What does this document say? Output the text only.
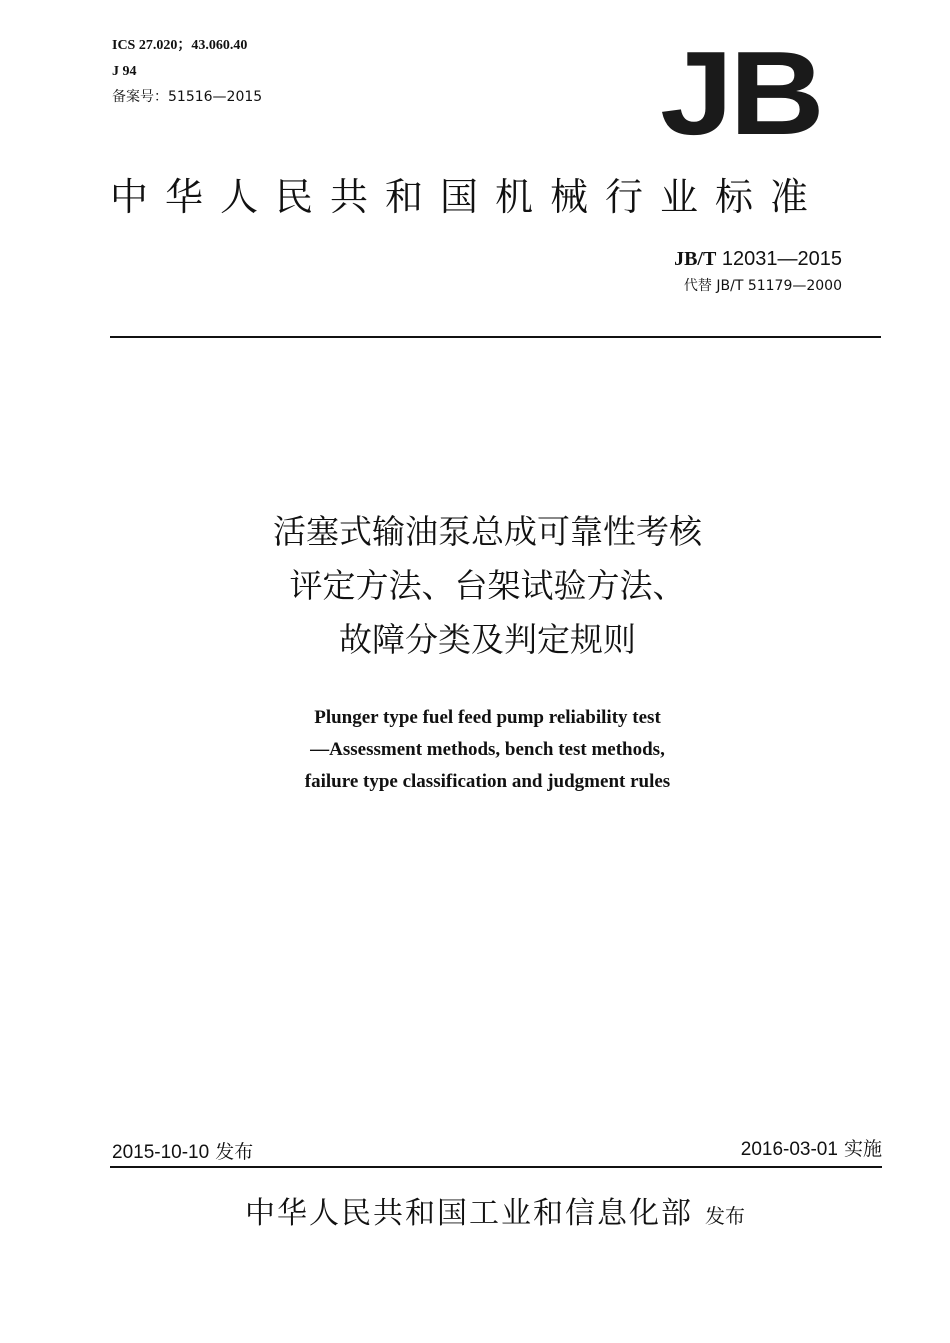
ICS 27.020；43.060.40
J 94
备案号：51516—2015	JB
中华人民共和国机械行业标准
JB/T 12031—2015
代替 JB/T 51179—2000
活塞式输油泵总成可靠性考核
评定方法、台架试验方法、
故障分类及判定规则
Plunger type fuel feed pump reliability test
—Assessment methods, bench test methods,
failure type classification and judgment rules
2015-10-10 发布	2016-03-01 实施
中华人民共和国工业和信息化部 发布
